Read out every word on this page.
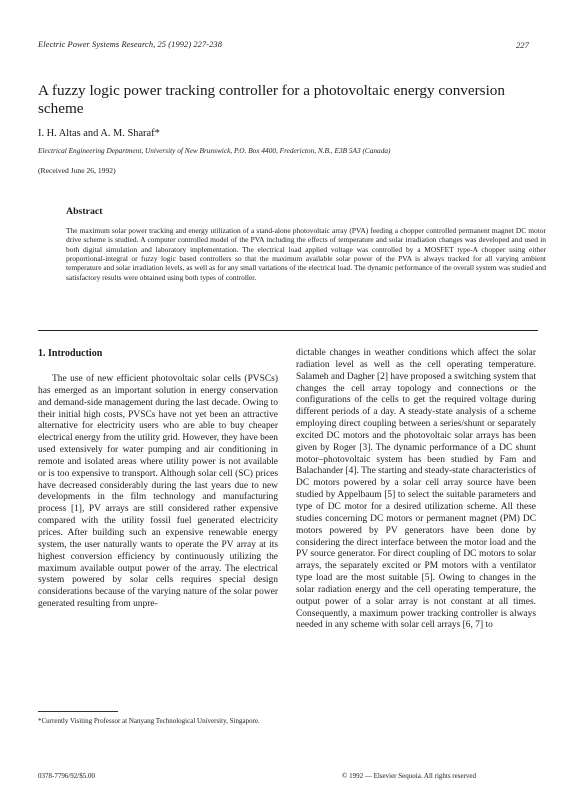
Electric Power Systems Research, 25 (1992) 227-238	227
A fuzzy logic power tracking controller for a photovoltaic energy conversion scheme
I. H. Altas and A. M. Sharaf*
Electrical Engineering Department, University of New Brunswick, P.O. Box 4400, Fredericton, N.B., E3B 5A3 (Canada)
(Received June 26, 1992)
Abstract

The maximum solar power tracking and energy utilization of a stand-alone photovoltaic array (PVA) feeding a chopper controlled permanent magnet DC motor drive scheme is studied. A computer controlled model of the PVA including the effects of temperature and solar irradiation changes was developed and used in both digital simulation and laboratory implementation. The electrical load applied voltage was controlled by a MOSFET type-A chopper using either proportional-integral or fuzzy logic based controllers so that the maximum available solar power of the PVA is always tracked for all varying ambient temperature and solar irradiation levels, as well as for any small variations of the electrical load. The dynamic performance of the overall system was studied and satisfactory results were obtained using both types of controller.

1. Introduction

The use of new efficient photovoltaic solar cells (PVSCs) has emerged as an important solution in energy conservation and demand-side management during the last decade. Owing to their initial high costs, PVSCs have not yet been an attractive alternative for electricity users who are able to buy cheaper electrical energy from the utility grid. However, they have been used extensively for water pumping and air conditioning in remote and isolated areas where utility power is not available or is too expensive to transport. Although solar cell (SC) prices have decreased considerably during the last years due to new developments in the film technology and manufacturing process [1], PV arrays are still considered rather expensive compared with the utility fossil fuel generated electricity prices. After building such an expensive renewable energy system, the user naturally wants to operate the PV array at its highest conversion efficiency by continuously utilizing the maximum available output power of the array. The electrical system powered by solar cells requires special design considerations because of the varying nature of the solar power generated resulting from unpre-

dictable changes in weather conditions which affect the solar radiation level as well as the cell operating temperature. Salameh and Dagher [2] have proposed a switching system that changes the cell array topology and connections or the configurations of the cells to get the required voltage during different periods of a day. A steady-state analysis of a scheme employing direct coupling between a series/shunt or separately excited DC motors and the photovoltaic solar arrays has been given by Roger [3]. The dynamic performance of a DC shunt motor–photovoltaic system has been studied by Fam and Balachander [4]. The starting and steady-state characteristics of DC motors powered by a solar cell array source have been studied by Appelbaum [5] to select the suitable parameters and type of DC motor for a desired utilization scheme. All these studies concerning DC motors or permanent magnet (PM) DC motors powered by PV generators have been done by considering the direct interface between the motor load and the PV source generator. For direct coupling of DC motors to solar arrays, the separately excited or PM motors with a ventilator type load are the most suitable [5]. Owing to changes in the solar radiation energy and the cell operating temperature, the output power of a solar array is not constant at all times. Consequently, a maximum power tracking controller is always needed in any scheme with solar cell arrays [6, 7] to

*Currently Visiting Professor at Nanyang Technological University, Singapore.
0378-7796/92/$5.00	© 1992 — Elsevier Sequoia. All rights reserved
